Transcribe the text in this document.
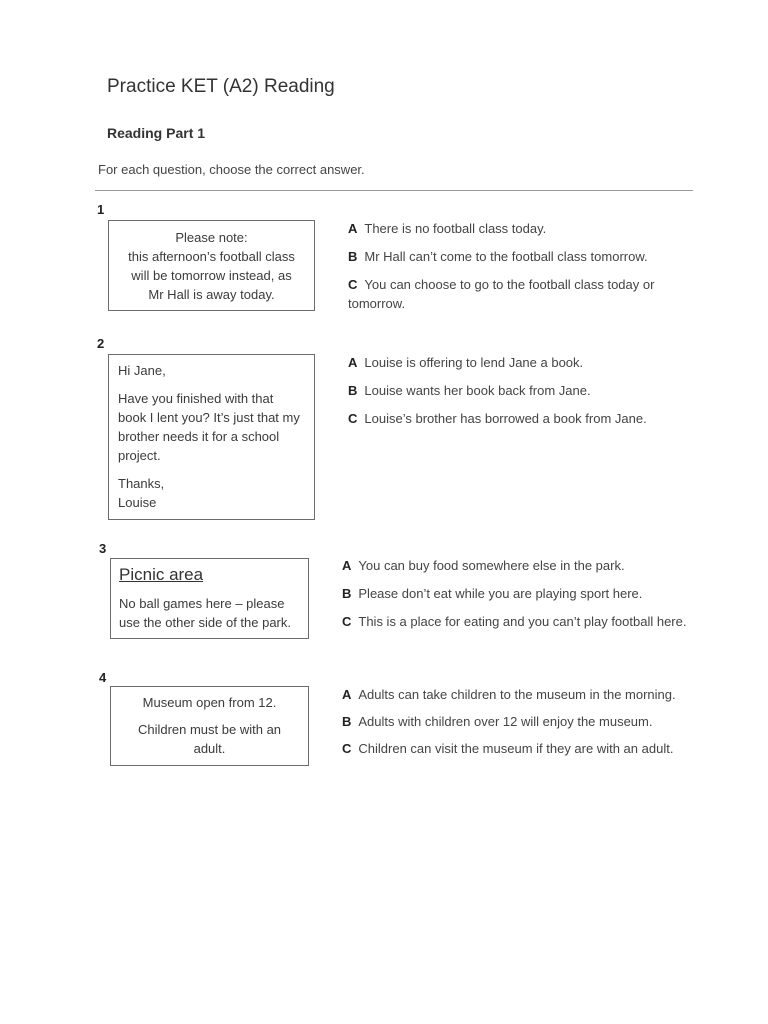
Practice KET (A2) Reading
Reading Part 1
For each question, choose the correct answer.
1

Please note:

this afternoon’s football class

will be tomorrow instead, as

Mr Hall is away today.

A There is no football class today.

B Mr Hall can’t come to the football class tomorrow.

C You can choose to go to the football class today or tomorrow.

2

Hi Jane,

Have you finished with that book I lent you? It’s just that my brother needs it for a school project.

Thanks,

Louise

A Louise is offering to lend Jane a book.

B Louise wants her book back from Jane.

C Louise’s brother has borrowed a book from Jane.

3

Picnic area

No ball games here – please use the other side of the park.

A You can buy food somewhere else in the park.

B Please don’t eat while you are playing sport here.

C This is a place for eating and you can’t play football here.

4

Museum open from 12.

Children must be with an adult.

A Adults can take children to the museum in the morning.

B Adults with children over 12 will enjoy the museum.

C Children can visit the museum if they are with an adult.
